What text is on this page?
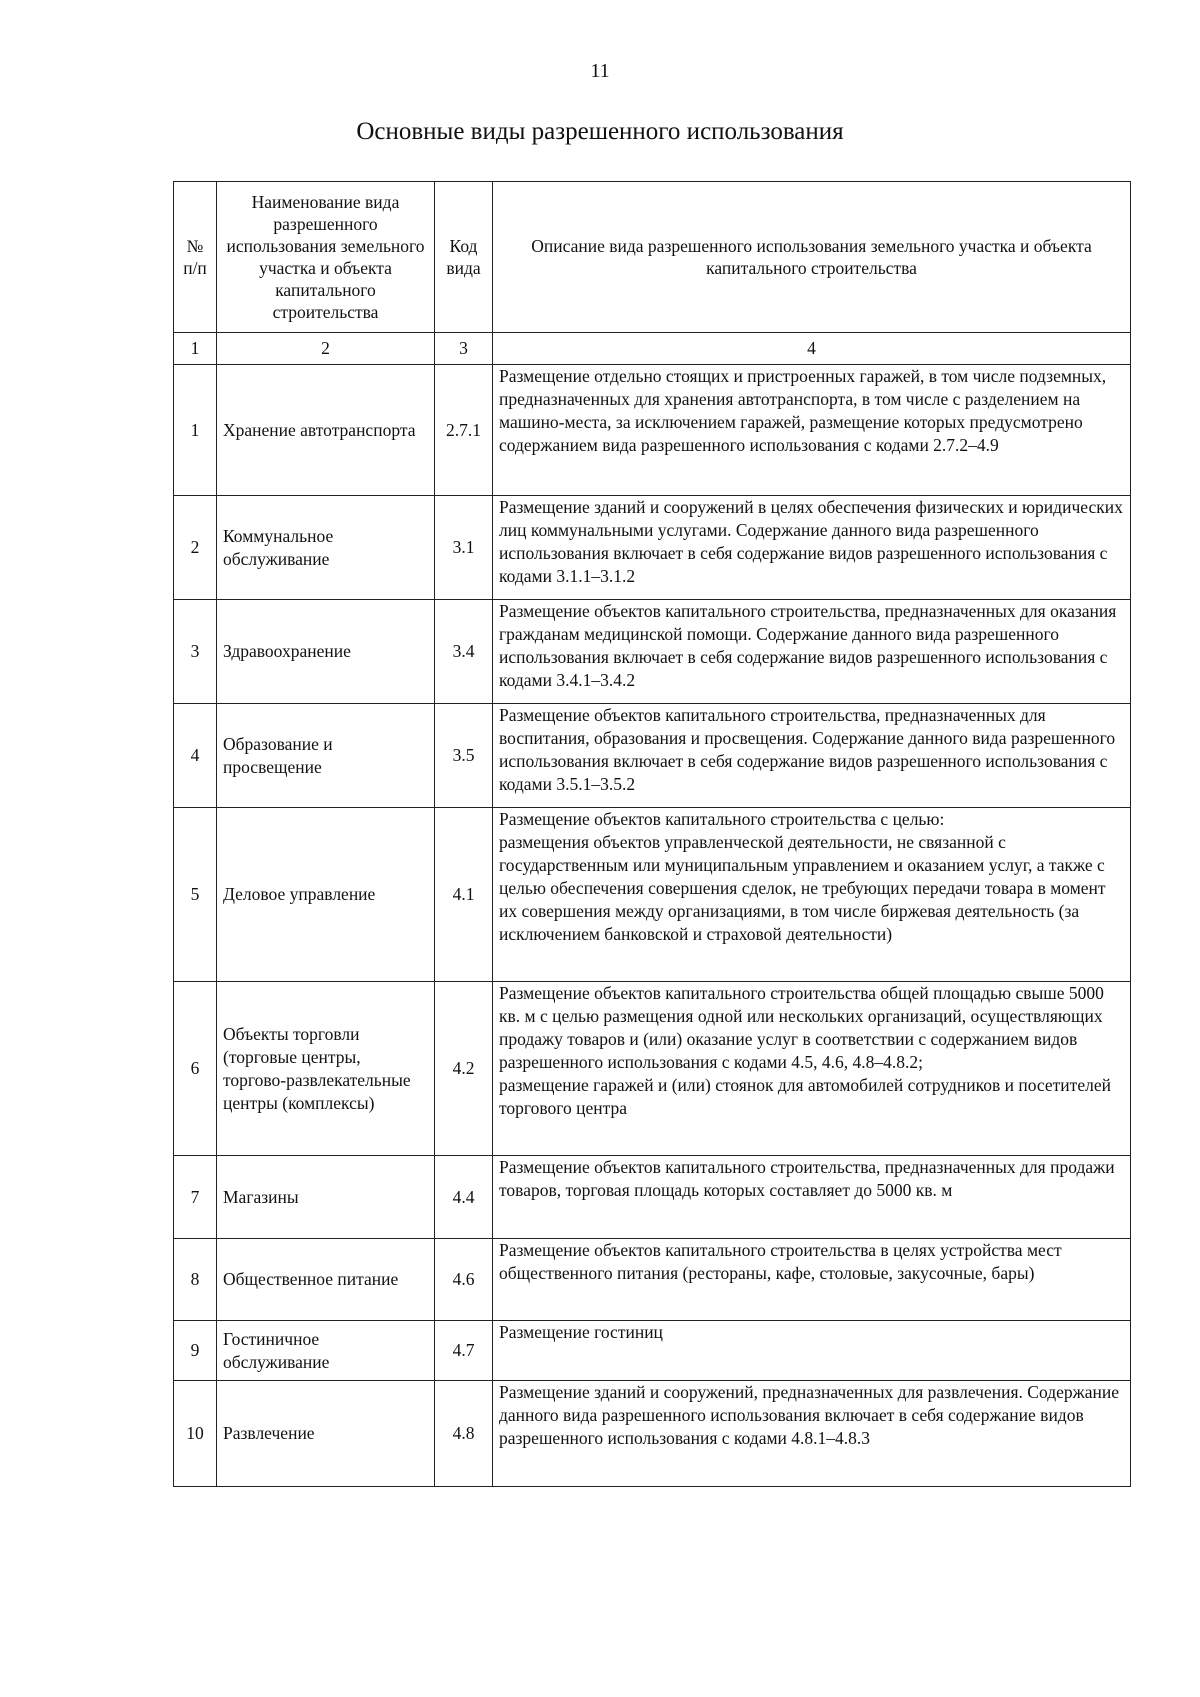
11
Основные виды разрешенного использования
№ п/п	Наименование вида разрешенного использования земельного участка и объекта капитального строительства	Код вида	Описание вида разрешенного использования земельного участка и объекта капитального строительства
1	2	3	4
1	Хранение автотранспорта	2.7.1	Размещение отдельно стоящих и пристроенных гаражей, в том числе подземных, предназначенных для хранения автотранспорта, в том числе с разделением на машино-места, за исключением гаражей, размещение которых предусмотрено содержанием вида разрешенного использования с кодами 2.7.2–4.9
2	Коммунальное обслуживание	3.1	Размещение зданий и сооружений в целях обеспечения физических и юридических лиц коммунальными услугами. Содержание данного вида разрешенного использования включает в себя содержание видов разрешенного использования с кодами 3.1.1–3.1.2
3	Здравоохранение	3.4	Размещение объектов капитального строительства, предназначенных для оказания гражданам медицинской помощи. Содержание данного вида разрешенного использования включает в себя содержание видов разрешенного использования с кодами 3.4.1–3.4.2
4	Образование и просвещение	3.5	Размещение объектов капитального строительства, предназначенных для воспитания, образования и просвещения. Содержание данного вида разрешенного использования включает в себя содержание видов разрешенного использования с кодами 3.5.1–3.5.2
5	Деловое управление	4.1	Размещение объектов капитального строительства с целью:
размещения объектов управленческой деятельности, не связанной с государственным или муниципальным управлением и оказанием услуг, а также с целью обеспечения совершения сделок, не требующих передачи товара в момент их совершения между организациями, в том числе биржевая деятельность (за исключением банковской и страховой деятельности)
6	Объекты торговли (торговые центры, торгово-развлекательные центры (комплексы)	4.2	Размещение объектов капитального строительства общей площадью свыше 5000 кв. м с целью размещения одной или нескольких организаций, осуществляющих продажу товаров и (или) оказание услуг в соответствии с содержанием видов разрешенного использования с кодами 4.5, 4.6, 4.8–4.8.2;
размещение гаражей и (или) стоянок для автомобилей сотрудников и посетителей торгового центра
7	Магазины	4.4	Размещение объектов капитального строительства, предназначенных для продажи товаров, торговая площадь которых составляет до 5000 кв. м
8	Общественное питание	4.6	Размещение объектов капитального строительства в целях устройства мест общественного питания (рестораны, кафе, столовые, закусочные, бары)
9	Гостиничное обслуживание	4.7	Размещение гостиниц
10	Развлечение	4.8	Размещение зданий и сооружений, предназначенных для развлечения. Содержание данного вида разрешенного использования включает в себя содержание видов разрешенного использования с кодами 4.8.1–4.8.3
